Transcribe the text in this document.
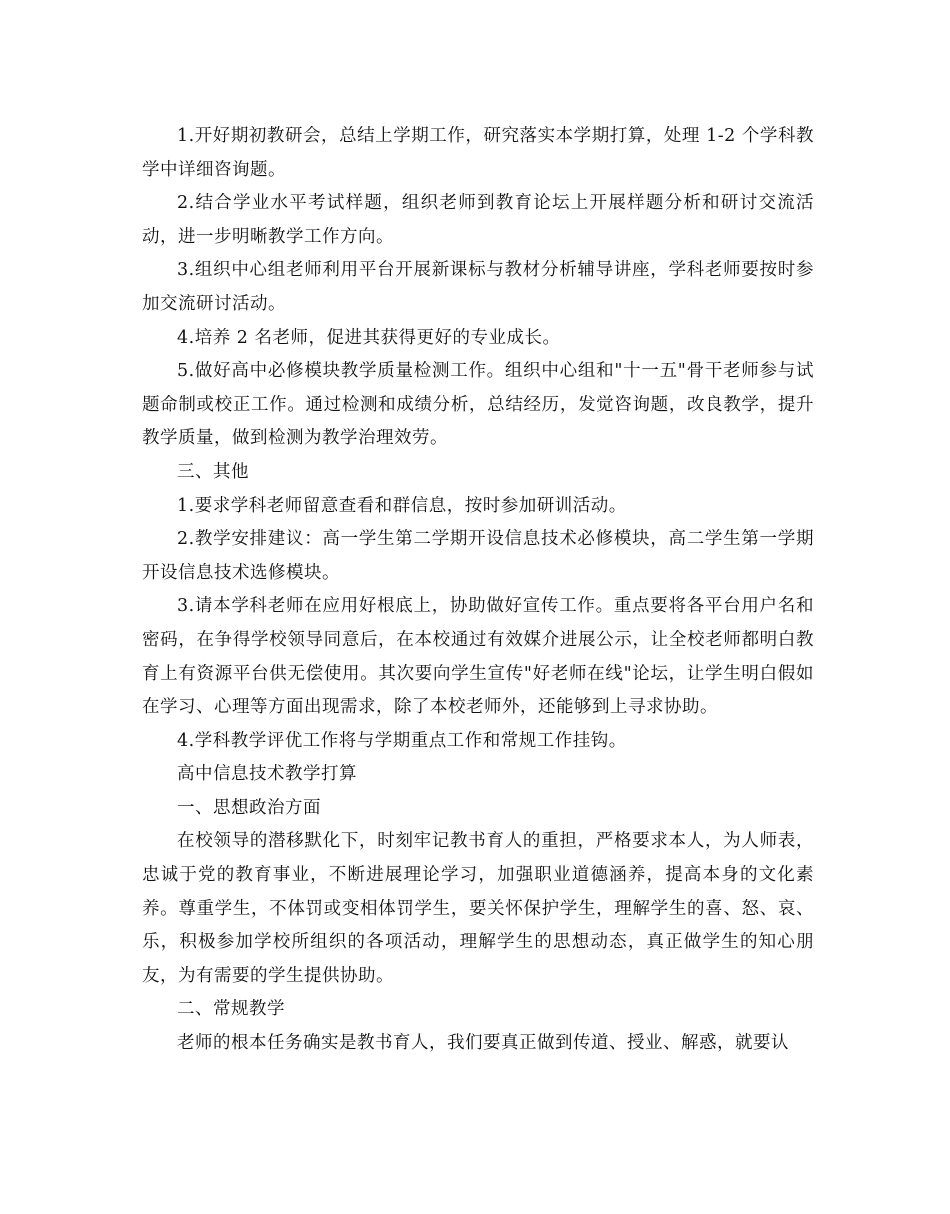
1.开好期初教研会，总结上学期工作，研究落实本学期打算，处理 1-2 个学科教学中详细咨询题。

2.结合学业水平考试样题，组织老师到教育论坛上开展样题分析和研讨交流活动，进一步明晰教学工作方向。

3.组织中心组老师利用平台开展新课标与教材分析辅导讲座，学科老师要按时参加交流研讨活动。

4.培养 2 名老师，促进其获得更好的专业成长。

5.做好高中必修模块教学质量检测工作。组织中心组和"十一五"骨干老师参与试题命制或校正工作。通过检测和成绩分析，总结经历，发觉咨询题，改良教学，提升教学质量，做到检测为教学治理效劳。

三、其他

1.要求学科老师留意查看和群信息，按时参加研训活动。

2.教学安排建议：高一学生第二学期开设信息技术必修模块，高二学生第一学期开设信息技术选修模块。

3.请本学科老师在应用好根底上，协助做好宣传工作。重点要将各平台用户名和密码，在争得学校领导同意后，在本校通过有效媒介进展公示，让全校老师都明白教育上有资源平台供无偿使用。其次要向学生宣传"好老师在线"论坛，让学生明白假如在学习、心理等方面出现需求，除了本校老师外，还能够到上寻求协助。

4.学科教学评优工作将与学期重点工作和常规工作挂钩。

高中信息技术教学打算

一、思想政治方面

在校领导的潜移默化下，时刻牢记教书育人的重担，严格要求本人，为人师表，忠诚于党的教育事业，不断进展理论学习，加强职业道德涵养，提高本身的文化素养。尊重学生，不体罚或变相体罚学生，要关怀保护学生，理解学生的喜、怒、哀、乐，积极参加学校所组织的各项活动，理解学生的思想动态，真正做学生的知心朋友，为有需要的学生提供协助。

二、常规教学

老师的根本任务确实是教书育人，我们要真正做到传道、授业、解惑，就要认
